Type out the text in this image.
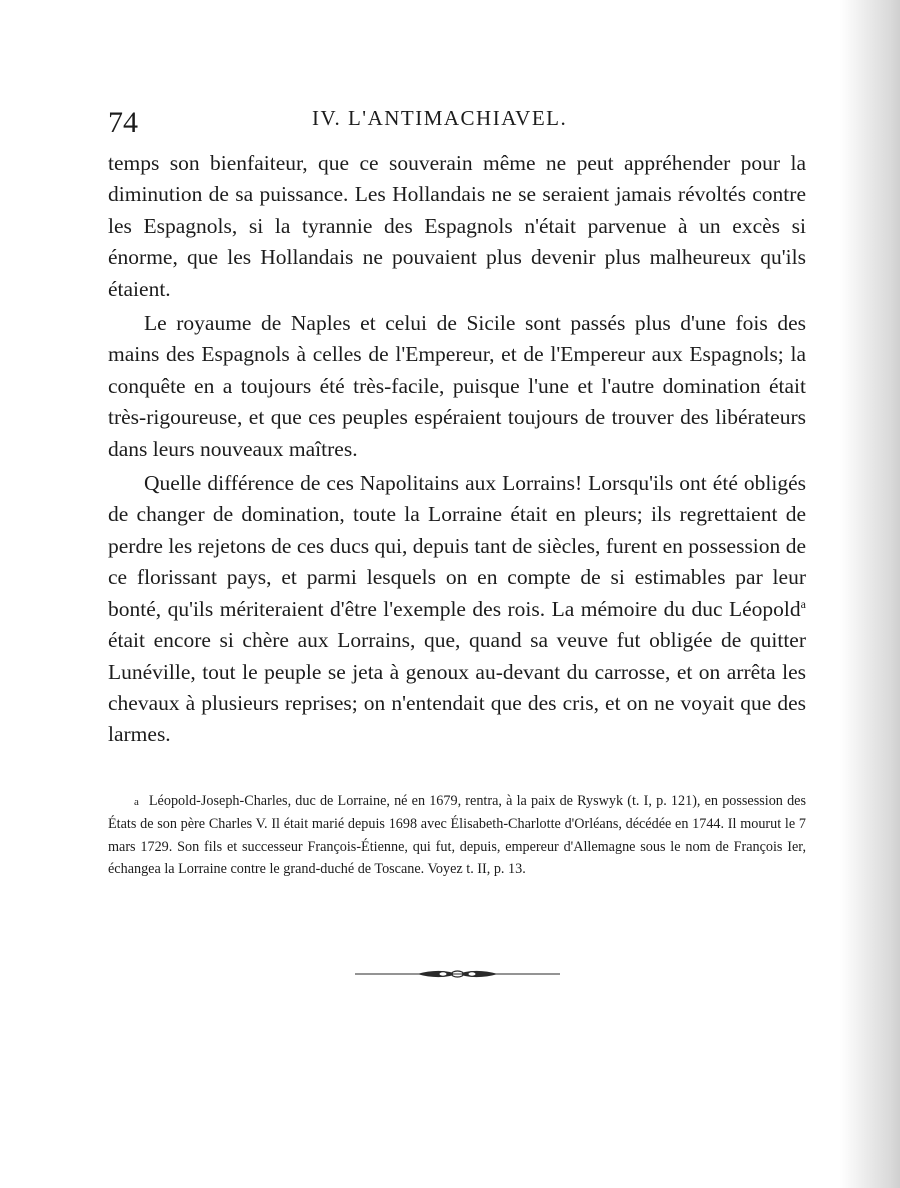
74	IV. L'ANTIMACHIAVEL.

temps son bienfaiteur, que ce souverain même ne peut appréhender pour la diminution de sa puissance. Les Hollandais ne se seraient jamais révoltés contre les Espagnols, si la tyrannie des Espagnols n'était parvenue à un excès si énorme, que les Hollandais ne pouvaient plus devenir plus malheureux qu'ils étaient.

Le royaume de Naples et celui de Sicile sont passés plus d'une fois des mains des Espagnols à celles de l'Empereur, et de l'Empereur aux Espagnols; la conquête en a toujours été très-facile, puisque l'une et l'autre domination était très-rigoureuse, et que ces peuples espéraient toujours de trouver des libérateurs dans leurs nouveaux maîtres.

Quelle différence de ces Napolitains aux Lorrains! Lorsqu'ils ont été obligés de changer de domination, toute la Lorraine était en pleurs; ils regrettaient de perdre les rejetons de ces ducs qui, depuis tant de siècles, furent en possession de ce florissant pays, et parmi lesquels on en compte de si estimables par leur bonté, qu'ils mériteraient d'être l'exemple des rois. La mémoire du duc Léopold$^a$ était encore si chère aux Lorrains, que, quand sa veuve fut obligée de quitter Lunéville, tout le peuple se jeta à genoux au-devant du carrosse, et on arrêta les chevaux à plusieurs reprises; on n'entendait que des cris, et on ne voyait que des larmes.

a Léopold-Joseph-Charles, duc de Lorraine, né en 1679, rentra, à la paix de Ryswyk (t. I, p. 121), en possession des États de son père Charles V. Il était marié depuis 1698 avec Élisabeth-Charlotte d'Orléans, décédée en 1744. Il mourut le 7 mars 1729. Son fils et successeur François-Étienne, qui fut, depuis, empereur d'Allemagne sous le nom de François Ier, échangea la Lorraine contre le grand-duché de Toscane. Voyez t. II, p. 13.
